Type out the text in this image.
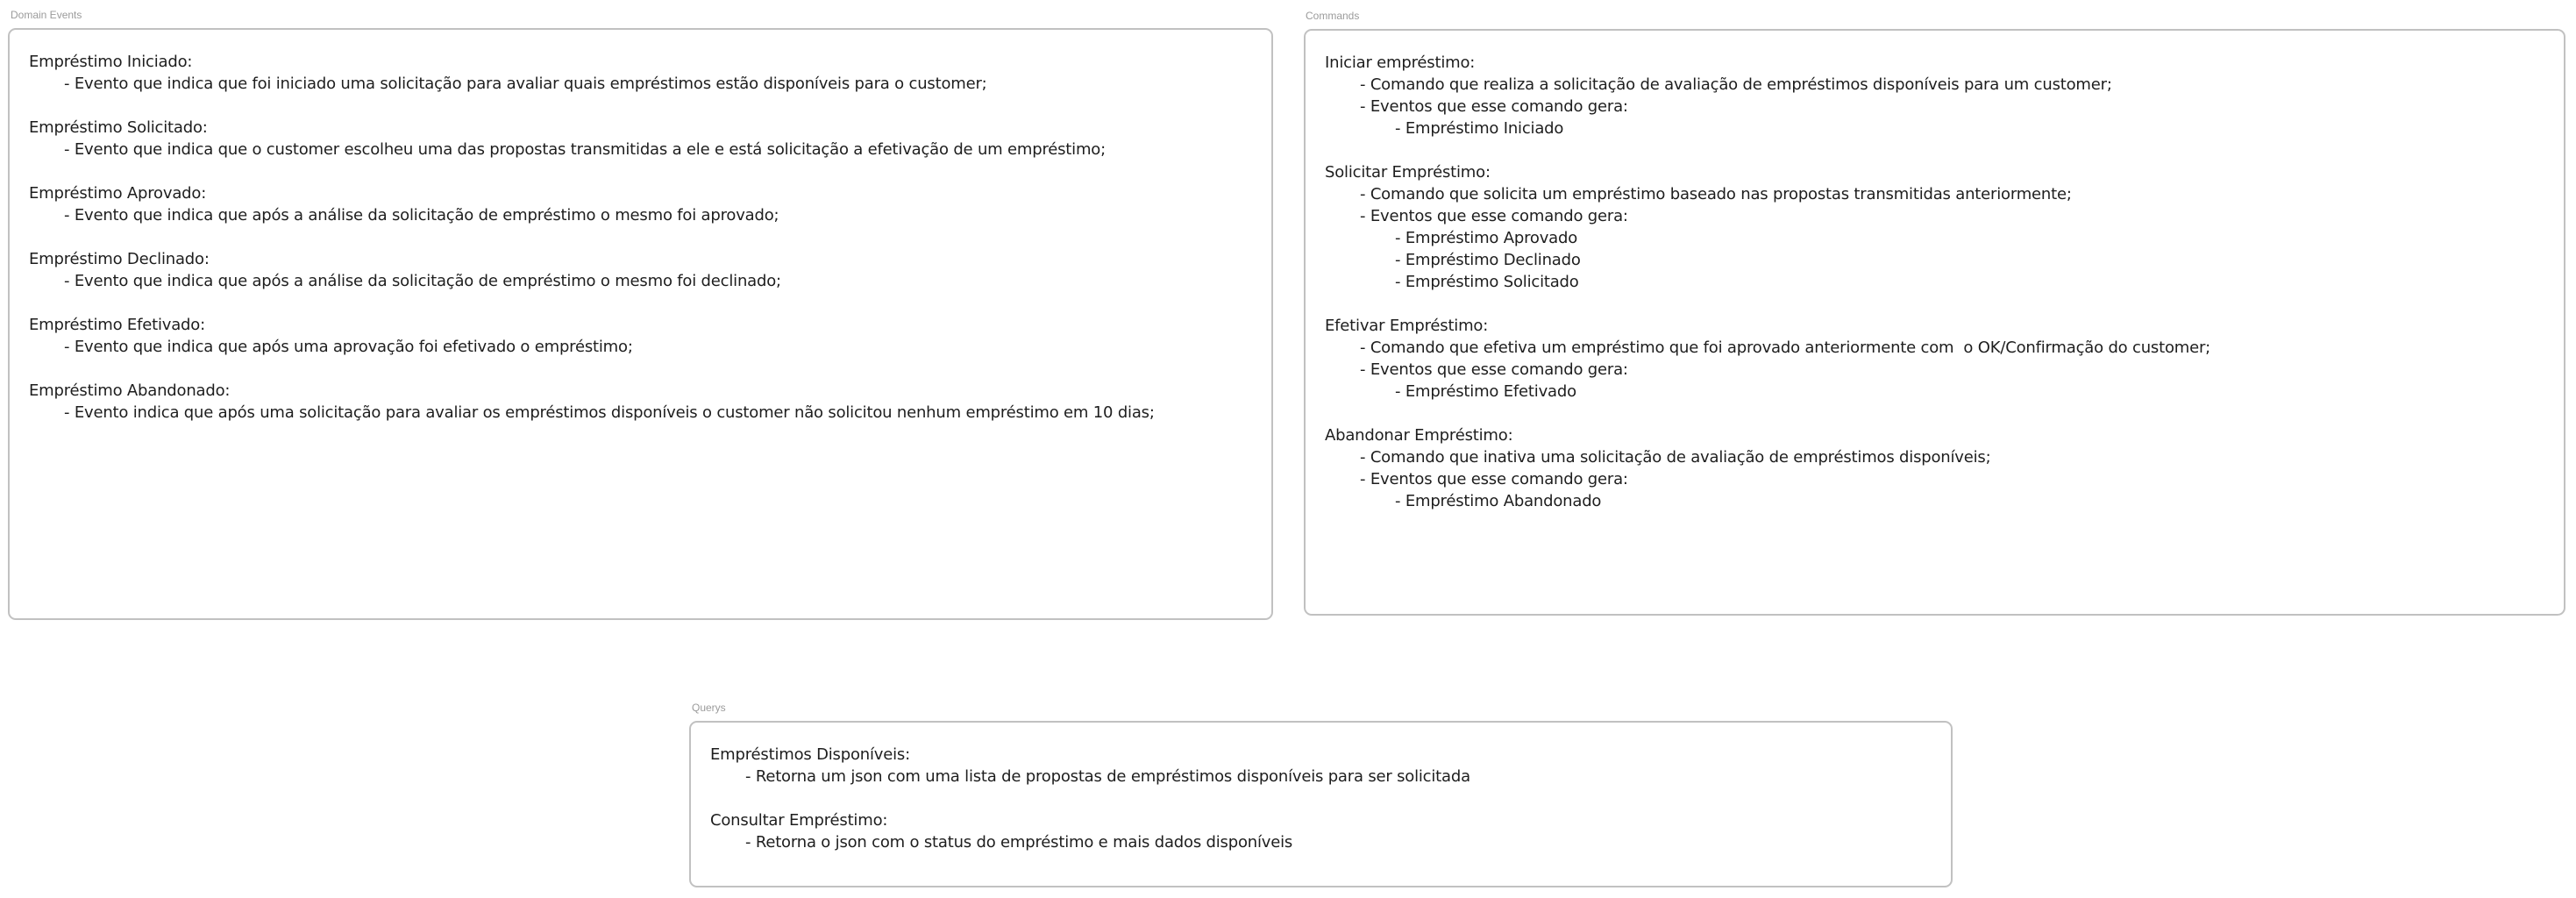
Domain Events
Empréstimo Iniciado:
- Evento que indica que foi iniciado uma solicitação para avaliar quais empréstimos estão disponíveis para o customer;
Empréstimo Solicitado:
- Evento que indica que o customer escolheu uma das propostas transmitidas a ele e está solicitação a efetivação de um empréstimo;
Empréstimo Aprovado:
- Evento que indica que após a análise da solicitação de empréstimo o mesmo foi aprovado;
Empréstimo Declinado:
- Evento que indica que após a análise da solicitação de empréstimo o mesmo foi declinado;
Empréstimo Efetivado:
- Evento que indica que após uma aprovação foi efetivado o empréstimo;
Empréstimo Abandonado:
- Evento indica que após uma solicitação para avaliar os empréstimos disponíveis o customer não solicitou nenhum empréstimo em 10 dias;
Commands
Iniciar empréstimo:
- Comando que realiza a solicitação de avaliação de empréstimos disponíveis para um customer;
- Eventos que esse comando gera:
- Empréstimo Iniciado
Solicitar Empréstimo:
- Comando que solicita um empréstimo baseado nas propostas transmitidas anteriormente;
- Eventos que esse comando gera:
- Empréstimo Aprovado
- Empréstimo Declinado
- Empréstimo Solicitado
Efetivar Empréstimo:
- Comando que efetiva um empréstimo que foi aprovado anteriormente com  o OK/Confirmação do customer;
- Eventos que esse comando gera:
- Empréstimo Efetivado
Abandonar Empréstimo:
- Comando que inativa uma solicitação de avaliação de empréstimos disponíveis;
- Eventos que esse comando gera:
- Empréstimo Abandonado
Querys
Empréstimos Disponíveis:
- Retorna um json com uma lista de propostas de empréstimos disponíveis para ser solicitada
Consultar Empréstimo:
- Retorna o json com o status do empréstimo e mais dados disponíveis
